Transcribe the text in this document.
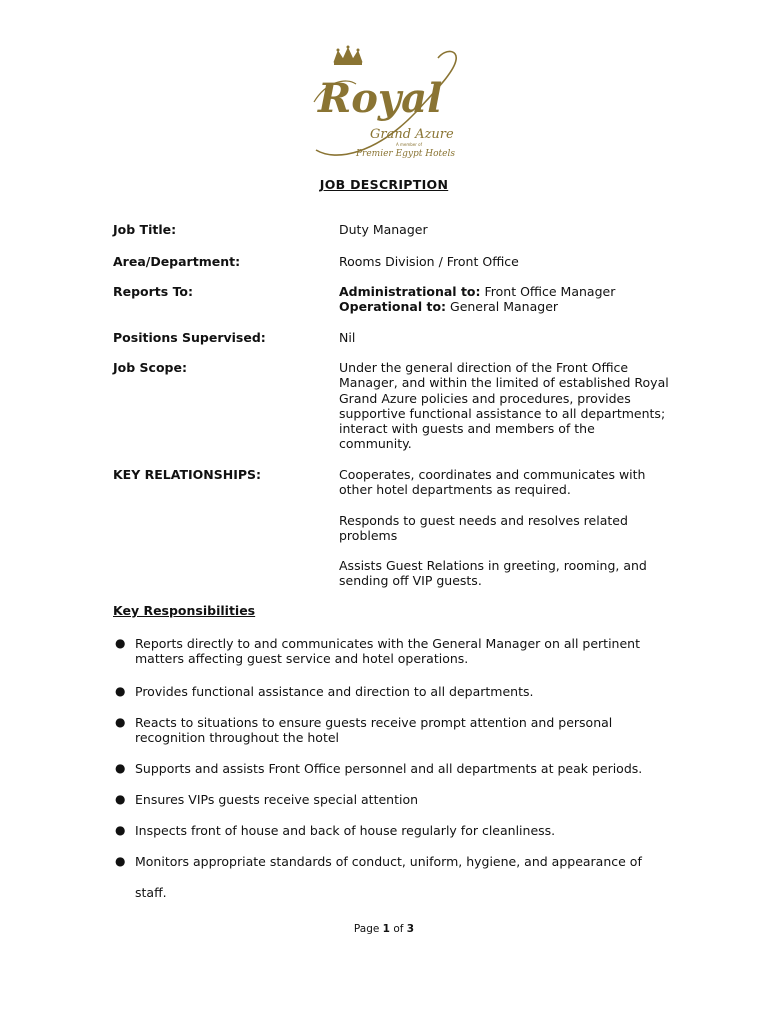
Royal
Grand Azure
A member of
Premier Egypt Hotels
JOB DESCRIPTION
Job Title:	Duty Manager
Area/Department:	Rooms Division / Front Office
Reports To:	Administrational to: Front Office Manager
Operational to: General Manager
Positions Supervised:	Nil
Job Scope:	Under the general direction of the Front Office Manager, and within the limited of established Royal Grand Azure policies and procedures, provides supportive functional assistance to all departments; interact with guests and members of the community.
KEY RELATIONSHIPS:	Cooperates, coordinates and communicates with other hotel departments as required.

Responds to guest needs and resolves related problems

Assists Guest Relations in greeting, rooming, and sending off VIP guests.

Key Responsibilities
● Reports directly to and communicates with the General Manager on all pertinent matters affecting guest service and hotel operations.
● Provides functional assistance and direction to all departments.
● Reacts to situations to ensure guests receive prompt attention and personal recognition throughout the hotel
● Supports and assists Front Office personnel and all departments at peak periods.
● Ensures VIPs guests receive special attention
● Inspects front of house and back of house regularly for cleanliness.
● Monitors appropriate standards of conduct, uniform, hygiene, and appearance of
staff.
Page 1 of 3
